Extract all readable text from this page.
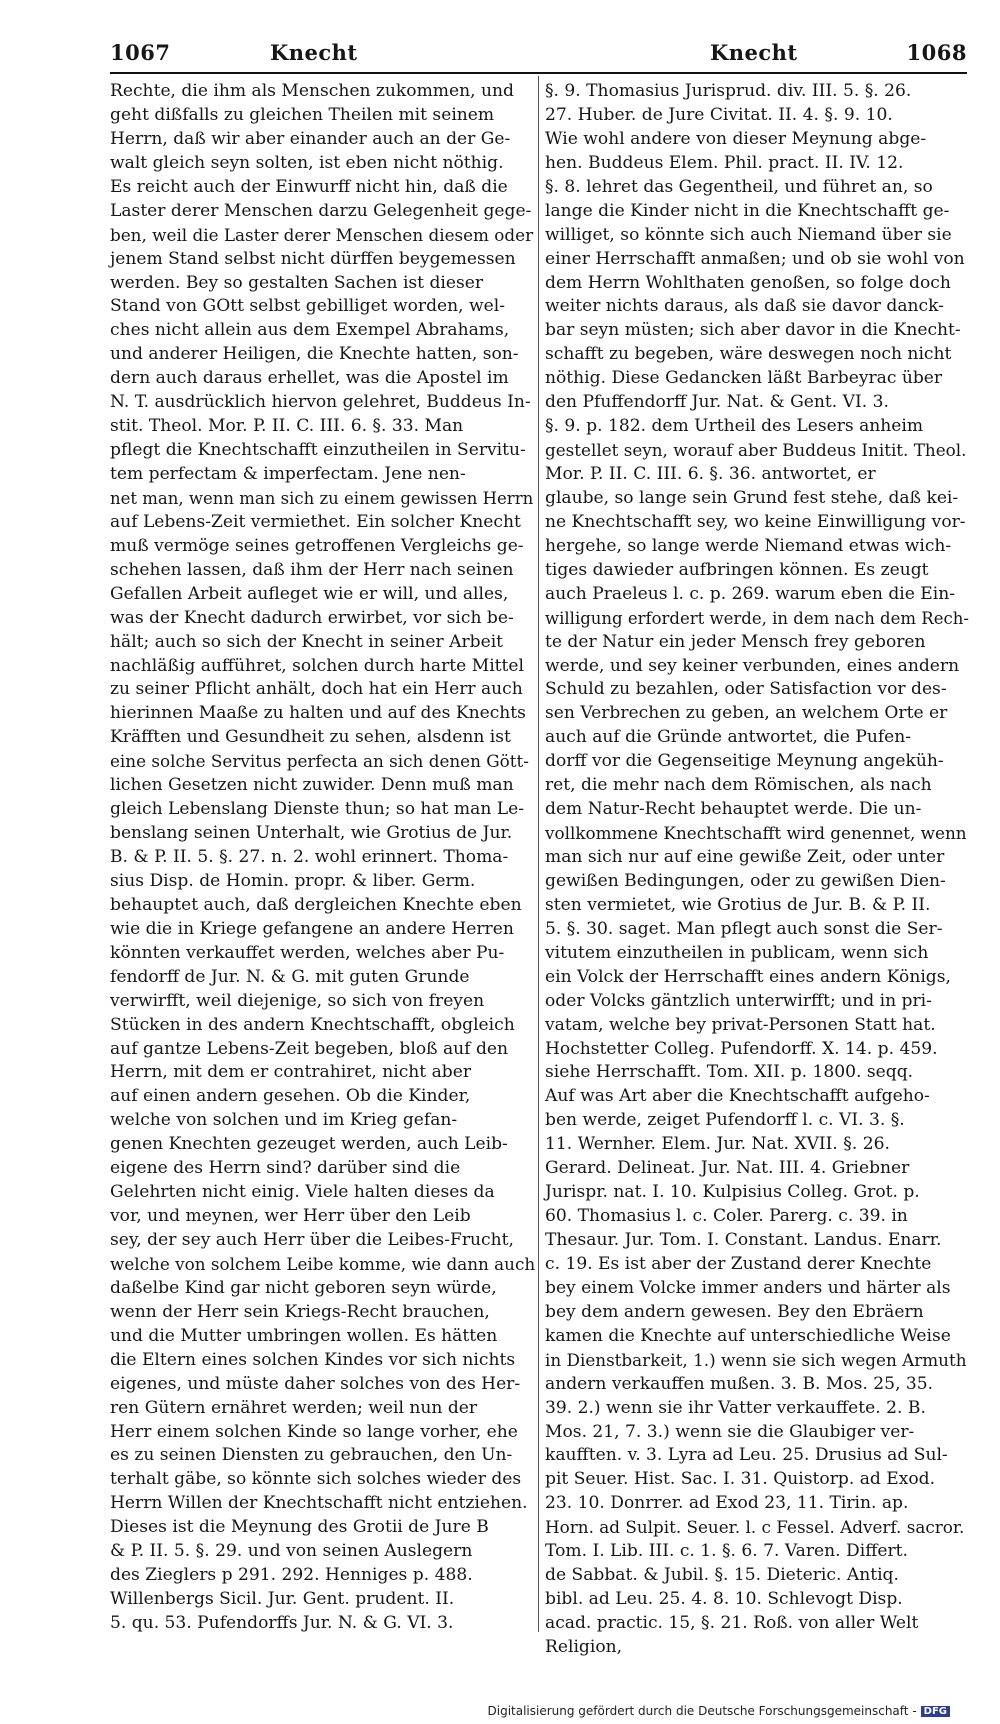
1067	Knecht	Knecht	1068
Rechte, die ihm als Menschen zukommen, und
geht dißfalls zu gleichen Theilen mit seinem
Herrn, daß wir aber einander auch an der Ge-
walt gleich seyn solten, ist eben nicht nöthig.
Es reicht auch der Einwurff nicht hin, daß die
Laster derer Menschen darzu Gelegenheit gege-
ben, weil die Laster derer Menschen diesem oder
jenem Stand selbst nicht dürffen beygemessen
werden. Bey so gestalten Sachen ist dieser
Stand von GOtt selbst gebilliget worden, wel-
ches nicht allein aus dem Exempel Abrahams,
und anderer Heiligen, die Knechte hatten, son-
dern auch daraus erhellet, was die Apostel im
N. T. ausdrücklich hiervon gelehret, Buddeus In-
stit. Theol. Mor. P. II. C. III. 6. §. 33. Man
pflegt die Knechtschafft einzutheilen in Servitu-
tem perfectam & imperfectam. Jene nen-
net man, wenn man sich zu einem gewissen Herrn
auf Lebens-Zeit vermiethet. Ein solcher Knecht
muß vermöge seines getroffenen Vergleichs ge-
schehen lassen, daß ihm der Herr nach seinen
Gefallen Arbeit aufleget wie er will, und alles,
was der Knecht dadurch erwirbet, vor sich be-
hält; auch so sich der Knecht in seiner Arbeit
nachläßig aufführet, solchen durch harte Mittel
zu seiner Pflicht anhält, doch hat ein Herr auch
hierinnen Maaße zu halten und auf des Knechts
Kräfften und Gesundheit zu sehen, alsdenn ist
eine solche Servitus perfecta an sich denen Gött-
lichen Gesetzen nicht zuwider. Denn muß man
gleich Lebenslang Dienste thun; so hat man Le-
benslang seinen Unterhalt, wie Grotius de Jur.
B. & P. II. 5. §. 27. n. 2. wohl erinnert. Thoma-
sius Disp. de Homin. propr. & liber. Germ.
behauptet auch, daß dergleichen Knechte eben
wie die in Kriege gefangene an andere Herren
könnten verkauffet werden, welches aber Pu-
fendorff de Jur. N. & G. mit guten Grunde
verwirfft, weil diejenige, so sich von freyen
Stücken in des andern Knechtschafft, obgleich
auf gantze Lebens-Zeit begeben, bloß auf den
Herrn, mit dem er contrahiret, nicht aber
auf einen andern gesehen. Ob die Kinder,
welche von solchen und im Krieg gefan-
genen Knechten gezeuget werden, auch Leib-
eigene des Herrn sind? darüber sind die
Gelehrten nicht einig. Viele halten dieses da
vor, und meynen, wer Herr über den Leib
sey, der sey auch Herr über die Leibes-Frucht,
welche von solchem Leibe komme, wie dann auch
daßelbe Kind gar nicht geboren seyn würde,
wenn der Herr sein Kriegs-Recht brauchen,
und die Mutter umbringen wollen. Es hätten
die Eltern eines solchen Kindes vor sich nichts
eigenes, und müste daher solches von des Her-
ren Gütern ernähret werden; weil nun der
Herr einem solchen Kinde so lange vorher, ehe
es zu seinen Diensten zu gebrauchen, den Un-
terhalt gäbe, so könnte sich solches wieder des
Herrn Willen der Knechtschafft nicht entziehen.
Dieses ist die Meynung des Grotii de Jure B
& P. II. 5. §. 29. und von seinen Auslegern
des Zieglers p 291. 292. Henniges p. 488.
Willenbergs Sicil. Jur. Gent. prudent. II.
5. qu. 53. Pufendorffs Jur. N. & G. VI. 3.
§. 9. Thomasius Jurisprud. div. III. 5. §. 26.
27. Huber. de Jure Civitat. II. 4. §. 9. 10.
Wie wohl andere von dieser Meynung abge-
hen. Buddeus Elem. Phil. pract. II. IV. 12.
§. 8. lehret das Gegentheil, und führet an, so
lange die Kinder nicht in die Knechtschafft ge-
williget, so könnte sich auch Niemand über sie
einer Herrschafft anmaßen; und ob sie wohl von
dem Herrn Wohlthaten genoßen, so folge doch
weiter nichts daraus, als daß sie davor danck-
bar seyn müsten; sich aber davor in die Knecht-
schafft zu begeben, wäre deswegen noch nicht
nöthig. Diese Gedancken läßt Barbeyrac über
den Pfuffendorff Jur. Nat. & Gent. VI. 3.
§. 9. p. 182. dem Urtheil des Lesers anheim
gestellet seyn, worauf aber Buddeus Initit. Theol.
Mor. P. II. C. III. 6. §. 36. antwortet, er
glaube, so lange sein Grund fest stehe, daß kei-
ne Knechtschafft sey, wo keine Einwilligung vor-
hergehe, so lange werde Niemand etwas wich-
tiges dawieder aufbringen können. Es zeugt
auch Praeleus l. c. p. 269. warum eben die Ein-
willigung erfordert werde, in dem nach dem Rech-
te der Natur ein jeder Mensch frey geboren
werde, und sey keiner verbunden, eines andern
Schuld zu bezahlen, oder Satisfaction vor des-
sen Verbrechen zu geben, an welchem Orte er
auch auf die Gründe antwortet, die Pufen-
dorff vor die Gegenseitige Meynung angeküh-
ret, die mehr nach dem Römischen, als nach
dem Natur-Recht behauptet werde. Die un-
vollkommene Knechtschafft wird genennet, wenn
man sich nur auf eine gewiße Zeit, oder unter
gewißen Bedingungen, oder zu gewißen Dien-
sten vermietet, wie Grotius de Jur. B. & P. II.
5. §. 30. saget. Man pflegt auch sonst die Ser-
vitutem einzutheilen in publicam, wenn sich
ein Volck der Herrschafft eines andern Königs,
oder Volcks gäntzlich unterwirfft; und in pri-
vatam, welche bey privat-Personen Statt hat.
Hochstetter Colleg. Pufendorff. X. 14. p. 459.
siehe Herrschafft. Tom. XII. p. 1800. seqq.
Auf was Art aber die Knechtschafft aufgeho-
ben werde, zeiget Pufendorff l. c. VI. 3. §.
11. Wernher. Elem. Jur. Nat. XVII. §. 26.
Gerard. Delineat. Jur. Nat. III. 4. Griebner
Jurispr. nat. I. 10. Kulpisius Colleg. Grot. p.
60. Thomasius l. c. Coler. Parerg. c. 39. in
Thesaur. Jur. Tom. I. Constant. Landus. Enarr.
c. 19. Es ist aber der Zustand derer Knechte
bey einem Volcke immer anders und härter als
bey dem andern gewesen. Bey den Ebräern
kamen die Knechte auf unterschiedliche Weise
in Dienstbarkeit, 1.) wenn sie sich wegen Armuth
andern verkauffen mußen. 3. B. Mos. 25, 35.
39. 2.) wenn sie ihr Vatter verkauffete. 2. B.
Mos. 21, 7. 3.) wenn sie die Glaubiger ver-
kaufften. v. 3. Lyra ad Leu. 25. Drusius ad Sul-
pit Seuer. Hist. Sac. I. 31. Quistorp. ad Exod.
23. 10. Donrrer. ad Exod 23, 11. Tirin. ap.
Horn. ad Sulpit. Seuer. l. c Fessel. Adverf. sacror.
Tom. I. Lib. III. c. 1. §. 6. 7. Varen. Differt.
de Sabbat. & Jubil. §. 15. Dieteric. Antiq.
bibl. ad Leu. 25. 4. 8. 10. Schlevogt Disp.
acad. practic. 15, §. 21. Roß. von aller Welt
Religion,
Digitalisierung gefördert durch die Deutsche Forschungsgemeinschaft - DFG
